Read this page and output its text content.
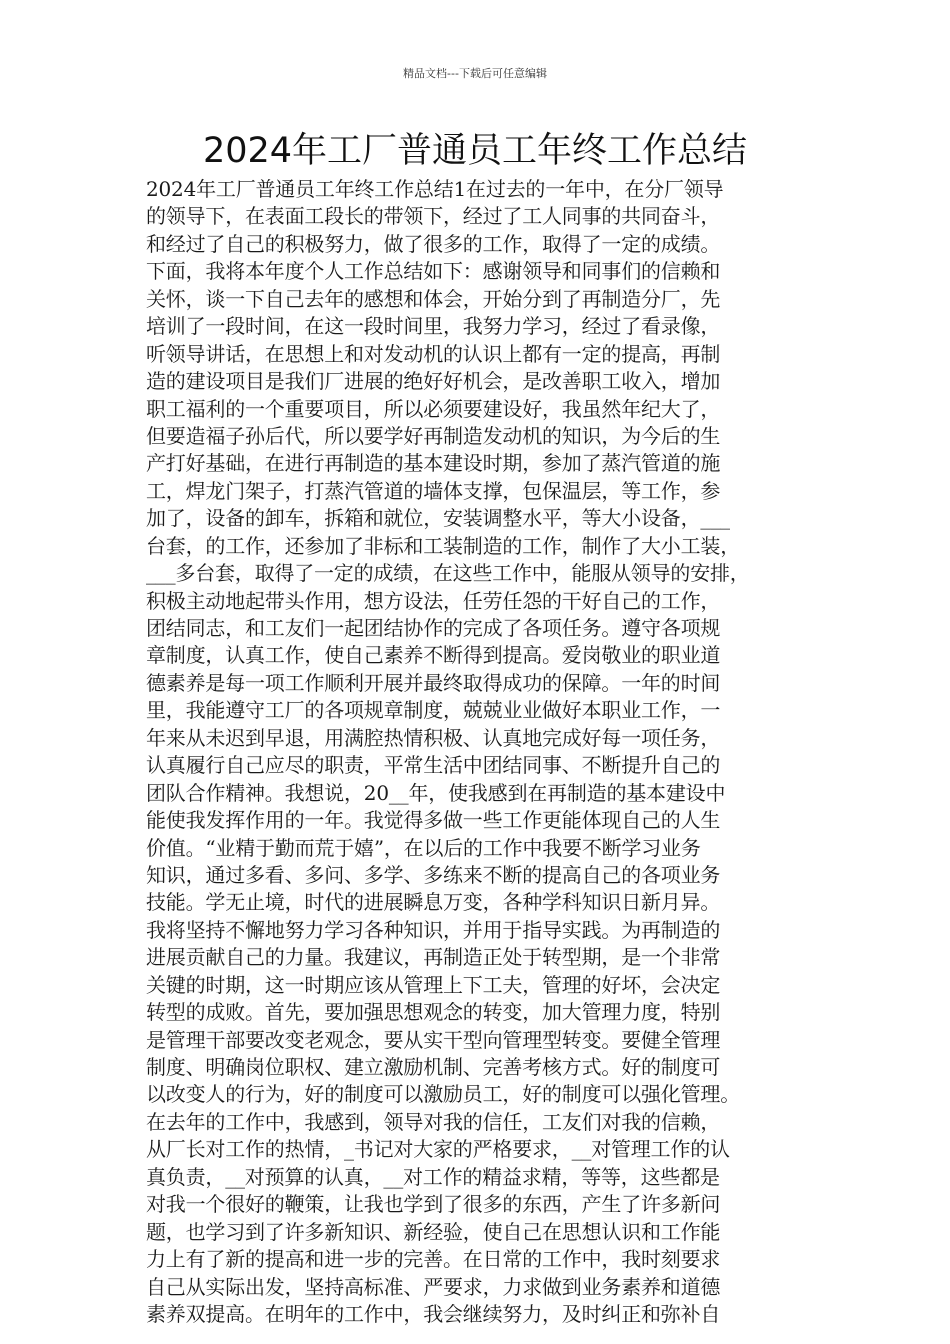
精品文档---下载后可任意编辑
2024年工厂普通员工年终工作总结
2024年工厂普通员工年终工作总结1在过去的一年中，在分厂领导
的领导下，在表面工段长的带领下，经过了工人同事的共同奋斗，
和经过了自己的积极努力，做了很多的工作，取得了一定的成绩。
下面，我将本年度个人工作总结如下：感谢领导和同事们的信赖和
关怀，谈一下自己去年的感想和体会，开始分到了再制造分厂，先
培训了一段时间，在这一段时间里，我努力学习，经过了看录像，
听领导讲话，在思想上和对发动机的认识上都有一定的提高，再制
造的建设项目是我们厂进展的绝好好机会，是改善职工收入，增加
职工福利的一个重要项目，所以必须要建设好，我虽然年纪大了，
但要造福子孙后代，所以要学好再制造发动机的知识，为今后的生
产打好基础，在进行再制造的基本建设时期，参加了蒸汽管道的施
工，焊龙门架子，打蒸汽管道的墙体支撑，包保温层，等工作，参
加了，设备的卸车，拆箱和就位，安装调整水平，等大小设备，___
台套，的工作，还参加了非标和工装制造的工作，制作了大小工装，
___多台套，取得了一定的成绩，在这些工作中，能服从领导的安排，
积极主动地起带头作用，想方设法，任劳任怨的干好自己的工作，
团结同志，和工友们一起团结协作的完成了各项任务。遵守各项规
章制度，认真工作，使自己素养不断得到提高。爱岗敬业的职业道
德素养是每一项工作顺利开展并最终取得成功的保障。一年的时间
里，我能遵守工厂的各项规章制度，兢兢业业做好本职业工作，一
年来从未迟到早退，用满腔热情积极、认真地完成好每一项任务，
认真履行自己应尽的职责，平常生活中团结同事、不断提升自己的
团队合作精神。我想说，20__年，使我感到在再制造的基本建设中
能使我发挥作用的一年。我觉得多做一些工作更能体现自己的人生
价值。“业精于勤而荒于嬉”，在以后的工作中我要不断学习业务
知识，通过多看、多问、多学、多练来不断的提高自己的各项业务
技能。学无止境，时代的进展瞬息万变，各种学科知识日新月异。
我将坚持不懈地努力学习各种知识，并用于指导实践。为再制造的
进展贡献自己的力量。我建议，再制造正处于转型期，是一个非常
关键的时期，这一时期应该从管理上下工夫，管理的好坏，会决定
转型的成败。首先，要加强思想观念的转变，加大管理力度，特别
是管理干部要改变老观念，要从实干型向管理型转变。要健全管理
制度、明确岗位职权、建立激励机制、完善考核方式。好的制度可
以改变人的行为，好的制度可以激励员工，好的制度可以强化管理。
在去年的工作中，我感到，领导对我的信任，工友们对我的信赖，
从厂长对工作的热情，_书记对大家的严格要求，__对管理工作的认
真负责，__对预算的认真，__对工作的精益求精，等等，这些都是
对我一个很好的鞭策，让我也学到了很多的东西，产生了许多新问
题，也学习到了许多新知识、新经验，使自己在思想认识和工作能
力上有了新的提高和进一步的完善。在日常的工作中，我时刻要求
自己从实际出发，坚持高标准、严要求，力求做到业务素养和道德
素养双提高。在明年的工作中，我会继续努力，及时纠正和弥补自
